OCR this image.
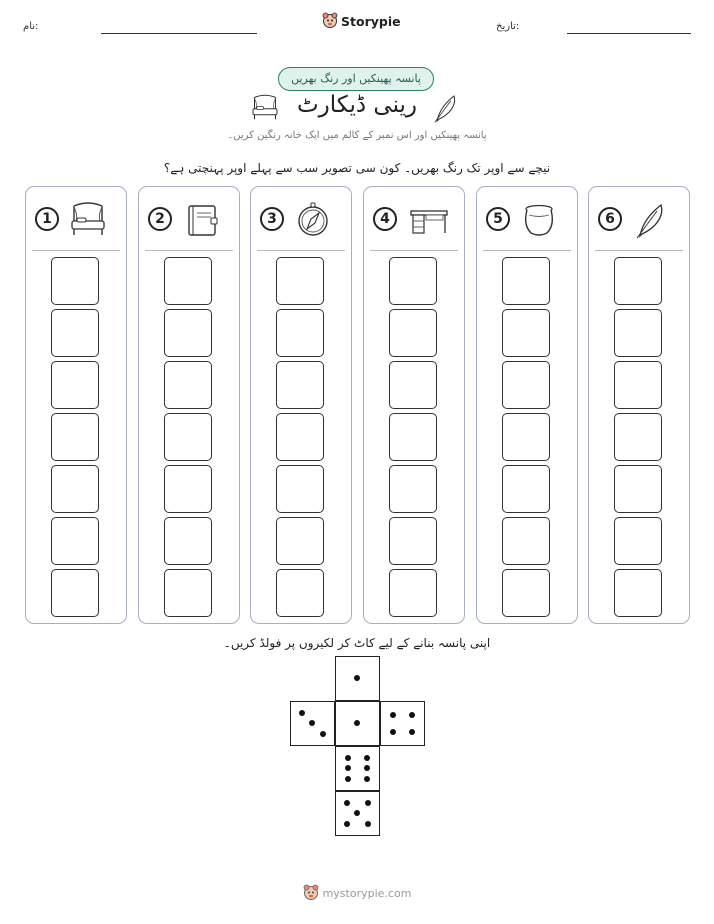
نام:	Storypie	تاریخ:
پانسہ پھینکیں اور رنگ بھریں
رینی ڈیکارٹ
پانسہ پھینکیں اور اس نمبر کے کالم میں ایک خانہ رنگین کریں۔
نیچے سے اوپر تک رنگ بھریں۔ کون سی تصویر سب سے پہلے اوپر پہنچتی ہے؟
1	2	3	4	5	6
اپنی پانسہ بنانے کے لیے کاٹ کر لکیروں پر فولڈ کریں۔
mystorypie.com
